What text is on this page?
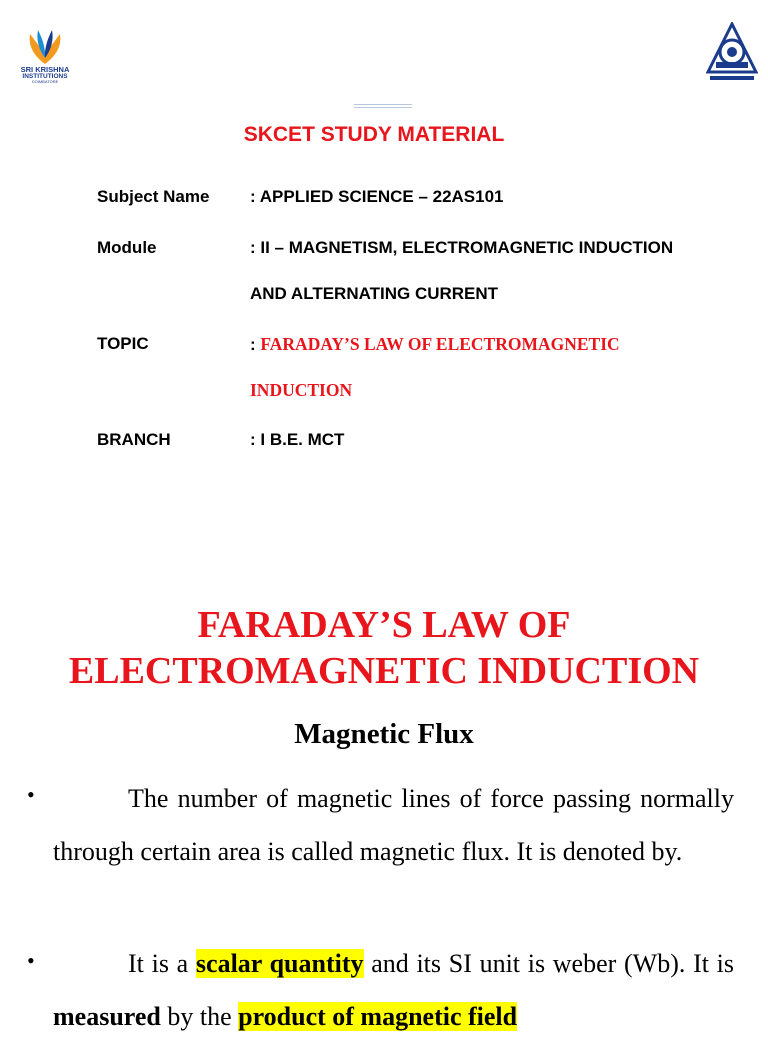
SRI KRISHNA
INSTITUTIONS
COIMBATORE
SKCET STUDY MATERIAL
Subject Name : APPLIED SCIENCE – 22AS101
Module	: II – MAGNETISM, ELECTROMAGNETIC INDUCTION
AND ALTERNATING CURRENT
TOPIC	: FARADAY’S LAW OF ELECTROMAGNETIC
INDUCTION
BRANCH	: I B.E. MCT
FARADAY’S LAW OF
ELECTROMAGNETIC INDUCTION
Magnetic Flux
•	The number of magnetic lines of force passing normally through certain area is called magnetic flux. It is denoted by.
•	It is a scalar quantity and its SI unit is weber (Wb). It is measured by the product of magnetic field
